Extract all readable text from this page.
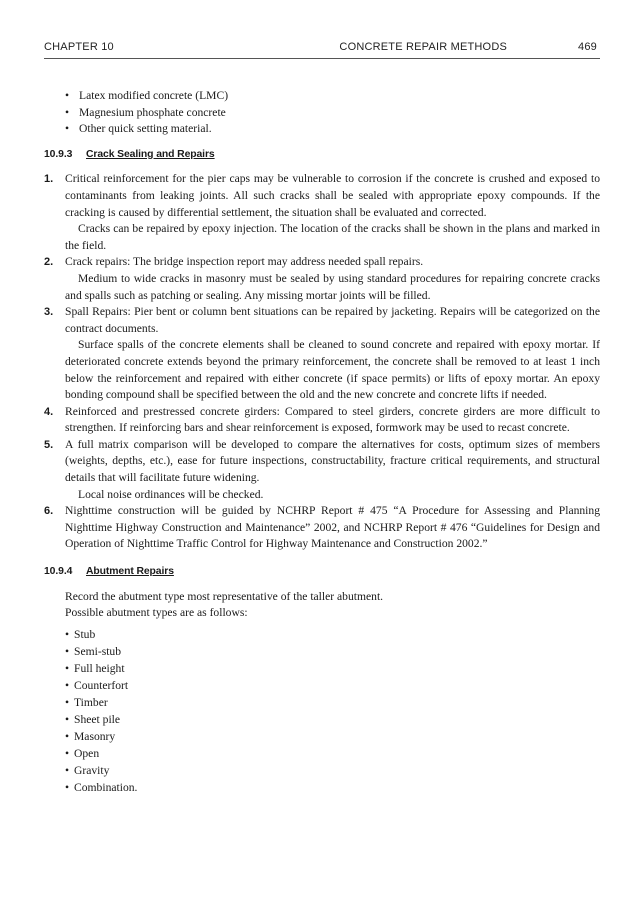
CHAPTER 10	CONCRETE REPAIR METHODS	469
• Latex modified concrete (LMC)
• Magnesium phosphate concrete
• Other quick setting material.
10.9.3 Crack Sealing and Repairs
1. Critical reinforcement for the pier caps may be vulnerable to corrosion if the concrete is crushed and exposed to contaminants from leaking joints. All such cracks shall be sealed with appropriate epoxy compounds. If the cracking is caused by differential settlement, the situation shall be evaluated and corrected.

Cracks can be repaired by epoxy injection. The location of the cracks shall be shown in the plans and marked in the field.

2. Crack repairs: The bridge inspection report may address needed spall repairs.

Medium to wide cracks in masonry must be sealed by using standard procedures for repairing concrete cracks and spalls such as patching or sealing. Any missing mortar joints will be filled.

3. Spall Repairs: Pier bent or column bent situations can be repaired by jacketing. Repairs will be categorized on the contract documents.

Surface spalls of the concrete elements shall be cleaned to sound concrete and repaired with epoxy mortar. If deteriorated concrete extends beyond the primary reinforcement, the concrete shall be removed to at least 1 inch below the reinforcement and repaired with either concrete (if space permits) or lifts of epoxy mortar. An epoxy bonding compound shall be specified between the old and the new concrete and concrete lifts if needed.

4. Reinforced and prestressed concrete girders: Compared to steel girders, concrete girders are more difficult to strengthen. If reinforcing bars and shear reinforcement is exposed, formwork may be used to recast concrete.

5. A full matrix comparison will be developed to compare the alternatives for costs, optimum sizes of members (weights, depths, etc.), ease for future inspections, constructability, fracture critical requirements, and structural details that will facilitate future widening.

Local noise ordinances will be checked.

6. Nighttime construction will be guided by NCHRP Report # 475 “A Procedure for Assessing and Planning Nighttime Highway Construction and Maintenance” 2002, and NCHRP Report # 476 “Guidelines for Design and Operation of Nighttime Traffic Control for Highway Maintenance and Construction 2002.”

10.9.4 Abutment Repairs

Record the abutment type most representative of the taller abutment.

Possible abutment types are as follows:

• Stub
• Semi-stub
• Full height
• Counterfort
• Timber
• Sheet pile
• Masonry
• Open
• Gravity
• Combination.
